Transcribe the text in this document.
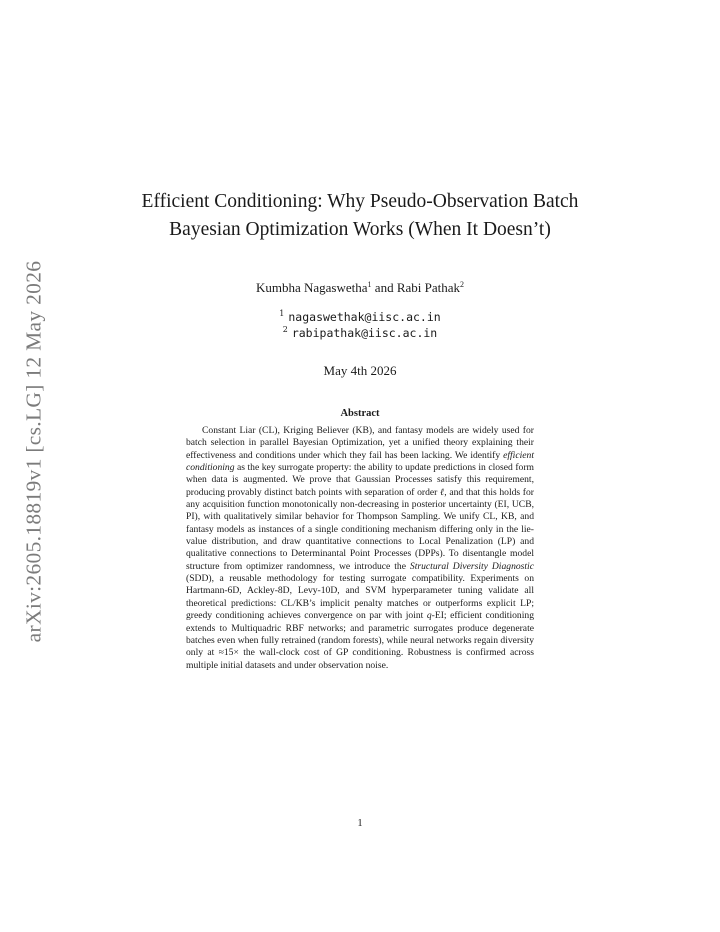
arXiv:2605.18819v1 [cs.LG] 12 May 2026
Efficient Conditioning: Why Pseudo-Observation Batch Bayesian Optimization Works (When It Doesn’t)
Kumbha Nagaswetha$^1$ and Rabi Pathak$^2$
$^1$ nagaswethak@iisc.ac.in
$^2$ rabipathak@iisc.ac.in
May 4th 2026
Abstract

Constant Liar (CL), Kriging Believer (KB), and fantasy models are widely used for batch selection in parallel Bayesian Optimization, yet a unified theory explaining their effectiveness and conditions under which they fail has been lacking. We identify efficient conditioning as the key surrogate property: the ability to update predictions in closed form when data is augmented. We prove that Gaussian Processes satisfy this requirement, producing provably distinct batch points with separation of order ℓ, and that this holds for any acquisition function monotonically non-decreasing in posterior uncertainty (EI, UCB, PI), with qualitatively similar behavior for Thompson Sampling. We unify CL, KB, and fantasy models as instances of a single conditioning mechanism differing only in the lie-value distribution, and draw quantitative connections to Local Penalization (LP) and qualitative connections to Determinantal Point Processes (DPPs). To disentangle model structure from optimizer randomness, we introduce the Structural Diversity Diagnostic (SDD), a reusable methodology for testing surrogate compatibility. Experiments on Hartmann-6D, Ackley-8D, Levy-10D, and SVM hyperparameter tuning validate all theoretical predictions: CL/KB’s implicit penalty matches or outperforms explicit LP; greedy conditioning achieves convergence on par with joint q-EI; efficient conditioning extends to Multiquadric RBF networks; and parametric surrogates produce degenerate batches even when fully retrained (random forests), while neural networks regain diversity only at ≈15× the wall-clock cost of GP conditioning. Robustness is confirmed across multiple initial datasets and under observation noise.

1
